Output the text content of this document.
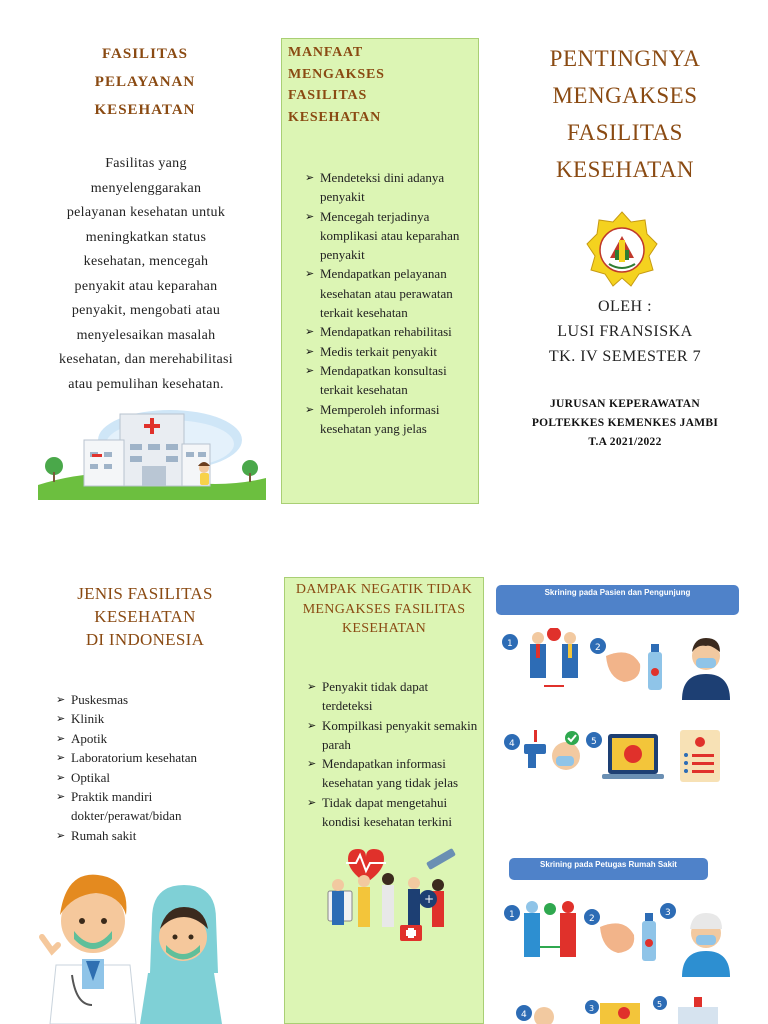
FASILITAS
PELAYANAN
KESEHATAN
Fasilitas yang
menyelenggarakan
pelayanan kesehatan untuk
meningkatkan status
kesehatan, mencegah
penyakit atau keparahan
penyakit, mengobati atau
menyelesaikan masalah
kesehatan, dan merehabilitasi
atau pemulihan kesehatan.
MANFAAT
MENGAKSES
FASILITAS
KESEHATAN
➢ Mendeteksi dini adanya penyakit
➢ Mencegah terjadinya komplikasi atau keparahan penyakit
➢ Mendapatkan pelayanan kesehatan atau perawatan terkait kesehatan
➢ Mendapatkan rehabilitasi
➢ Medis terkait penyakit
➢ Mendapatkan konsultasi terkait kesehatan
➢ Memperoleh informasi kesehatan yang jelas
PENTINGNYA
MENGAKSES
FASILITAS
KESEHATAN
OLEH :
LUSI FRANSISKA
TK. IV SEMESTER 7
JURUSAN KEPERAWATAN
POLTEKKES KEMENKES JAMBI
T.A 2021/2022
JENIS FASILITAS
KESEHATAN
DI INDONESIA
➢ Puskesmas
➢ Klinik
➢ Apotik
➢ Laboratorium kesehatan
➢ Optikal
➢ Praktik mandiri dokter/perawat/bidan
➢ Rumah sakit
DAMPAK NEGATIK TIDAK
MENGAKSES FASILITAS
KESEHATAN
➢ Penyakit tidak dapat terdeteksi
➢ Kompilkasi penyakit semakin parah
➢ Mendapatkan informasi kesehatan yang tidak jelas
➢ Tidak dapat mengetahui kondisi kesehatan terkini
+
Skrining pada Pasien dan Pengunjung
1	2
4	5
Skrining pada Petugas Rumah Sakit
1	2
3
4
3	5
